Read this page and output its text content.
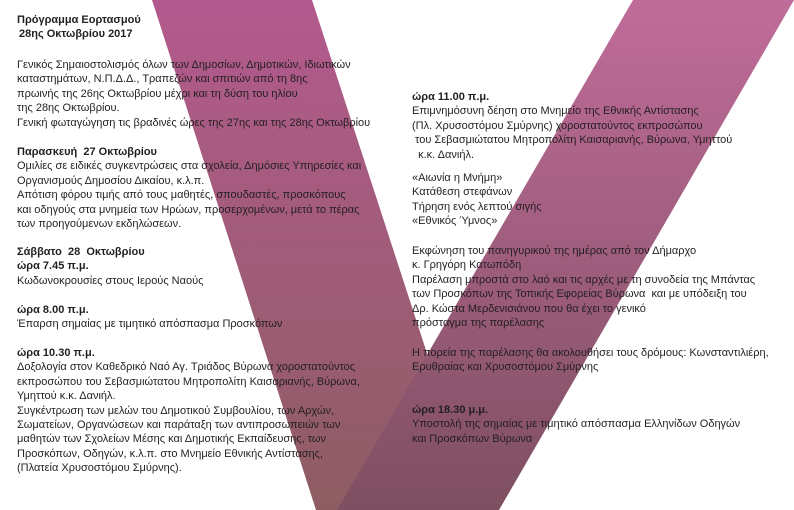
Πρόγραμμα Εορτασμού

28ης Οκτωβρίου 2017

Γενικός Σημαιοστολισμός όλων των Δημοσίων, Δημοτικών, Ιδιωτικών

καταστημάτων, Ν.Π.Δ.Δ., Τραπεζών και σπιτιών από τη 8ης

πρωινής της 26ης Οκτωβρίου μέχρι και τη δύση του ηλίου

της 28ης Οκτωβρίου.

Γενική φωταγώγηση τις βραδινές ώρες της 27ης και της 28ης Οκτωβρίου

Παρασκευή  27 Οκτωβρίου

Ομιλίες σε ειδικές συγκεντρώσεις στα σχολεία, Δημόσιες Υπηρεσίες και

Οργανισμούς Δημοσίου Δικαίου, κ.λ.π.

Απότιση φόρου τιμής από τους μαθητές, σπουδαστές, προσκόπους

και οδηγούς στα μνημεία των Ηρώων, προσερχομένων, μετά το πέρας

των προηγούμενων εκδηλώσεων.

Σάββατο  28  Οκτωβρίου

ώρα 7.45 π.μ.

Κωδωνοκρουσίες στους Ιερούς Ναούς

ώρα 8.00 π.μ.

Έπαρση σημαίας με τιμητικό απόσπασμα Προσκόπων

ώρα 10.30 π.μ.

Δοξολογία στον Καθεδρικό Ναό Αγ. Τριάδος Βύρωνα χοροστατούντος

εκπροσώπου του Σεβασμιώτατου Μητροπολίτη Καισαριανής, Βύρωνα,

Υμηττού κ.κ. Δανιήλ.

Συγκέντρωση των μελών του Δημοτικού Συμβουλίου, των Αρχών,

Σωματείων, Οργανώσεων και παράταξη των αντιπροσωπειών των

μαθητών των Σχολείων Μέσης και Δημοτικής Εκπαίδευσης, των

Προσκόπων, Οδηγών, κ.λ.π. στο Μνημείο Εθνικής Αντίστασης,

(Πλατεία Χρυσοστόμου Σμύρνης).

ώρα 11.00 π.μ.

Επιμνημόσυνη δέηση στο Μνημείο της Εθνικής Αντίστασης

(Πλ. Χρυσοστόμου Σμύρνης) χοροστατούντος εκπροσώπου

του Σεβασμιώτατου Μητροπολίτη Καισαριανής, Βύρωνα, Υμηττού

κ.κ. Δανιήλ.

«Αιωνία η Μνήμη»

Κατάθεση στεφάνων

Τήρηση ενός λεπτού σιγής

«Εθνικός Ύμνος»

Εκφώνηση του πανηγυρικού της ημέρας από τον Δήμαρχο

κ. Γρηγόρη Κατωπόδη

Παρέλαση μπροστά στο λαό και τις αρχές με τη συνοδεία της Μπάντας

των Προσκόπων της Τοπικής Εφορείας Βύρωνα  και με υπόδειξη του

Δρ. Κώστα Μερδενισιάνου που θα έχει το γενικό

πρόσταγμα της παρέλασης

Η πορεία της παρέλασης θα ακολουθήσει τους δρόμους: Κωνσταντιλιέρη,

Ερυθραίας και Χρυσοστόμου Σμύρνης

ώρα 18.30 μ.μ.

Υποστολή της σημαίας με τιμητικό απόσπασμα Ελληνίδων Οδηγών

και Προσκόπων Βύρωνα
